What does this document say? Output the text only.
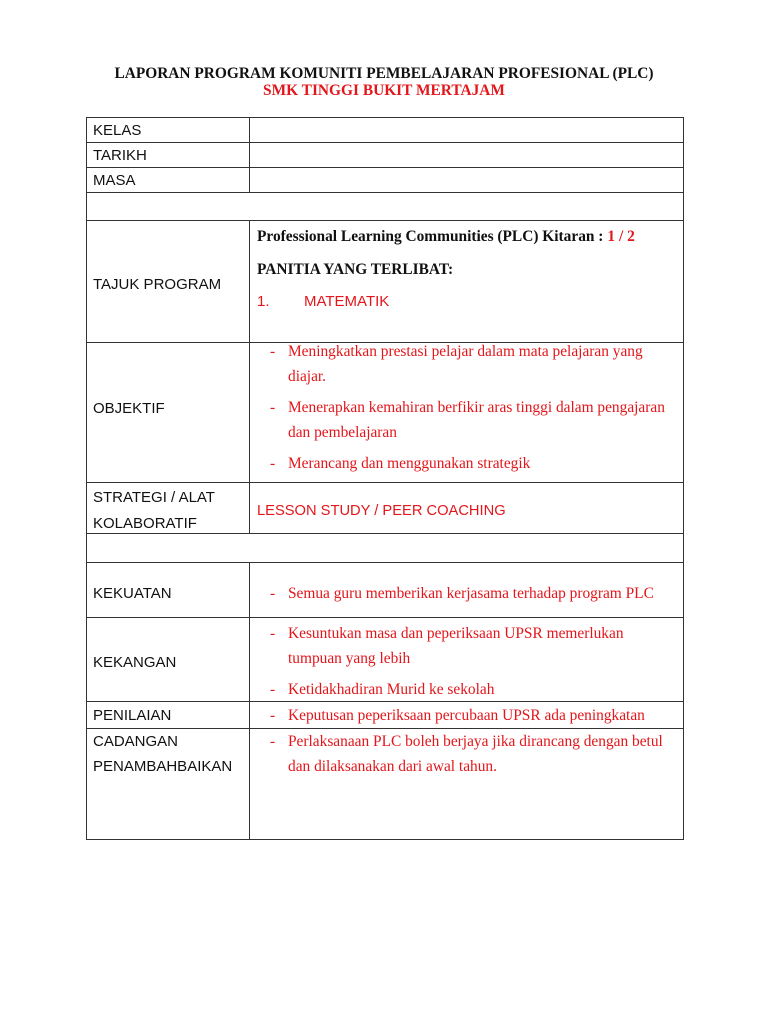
LAPORAN PROGRAM KOMUNITI PEMBELAJARAN PROFESIONAL (PLC)
SMK TINGGI BUKIT MERTAJAM
KELAS
TARIKH
MASA
TAJUK PROGRAM
Professional Learning Communities (PLC) Kitaran : 1 / 2
PANITIA YANG TERLIBAT:
1. MATEMATIK
OBJEKTIF
- Meningkatkan prestasi pelajar dalam mata pelajaran yang
diajar.
- Menerapkan kemahiran berfikir aras tinggi dalam pengajaran
dan pembelajaran
- Merancang dan menggunakan strategik
STRATEGI / ALAT
KOLABORATIF
LESSON STUDY / PEER COACHING
KEKUATAN	- Semua guru memberikan kerjasama terhadap program PLC
KEKANGAN
- Kesuntukan masa dan peperiksaan UPSR memerlukan
tumpuan yang lebih
- Ketidakhadiran Murid ke sekolah
PENILAIAN	- Keputusan peperiksaan percubaan UPSR ada peningkatan
CADANGAN
PENAMBAHBAIKAN
- Perlaksanaan PLC boleh berjaya jika dirancang dengan betul
dan dilaksanakan dari awal tahun.
